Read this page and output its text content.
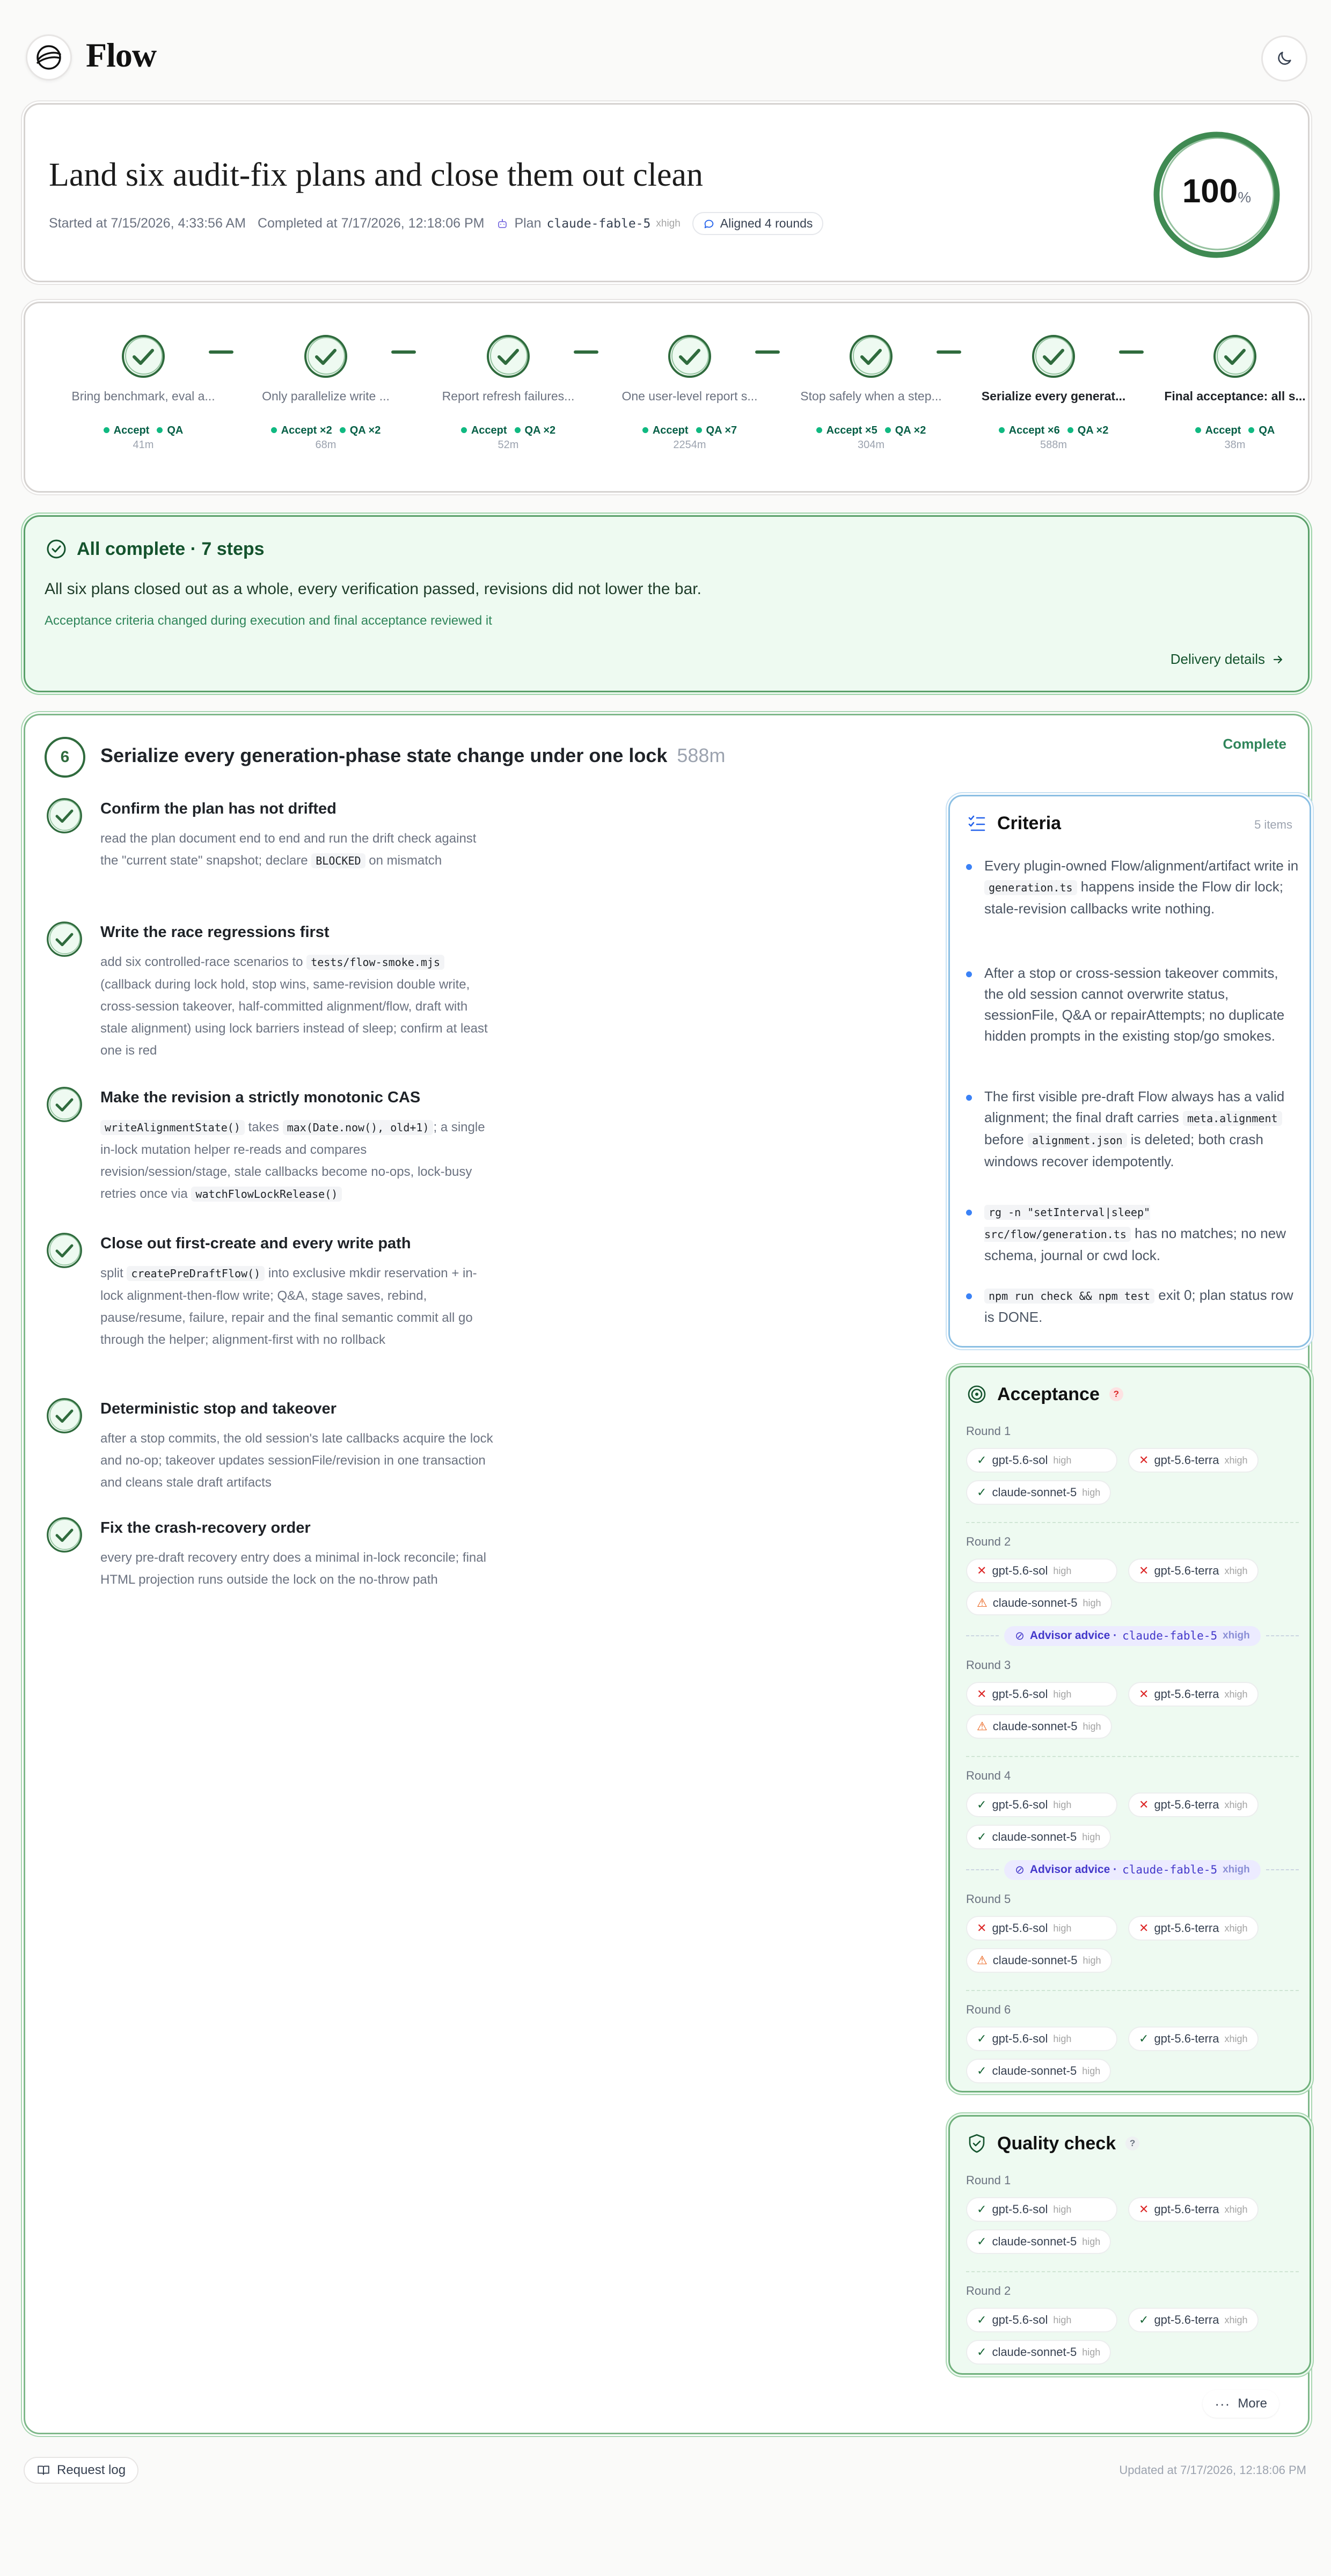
Flow
Land six audit-fix plans and close them out clean
Started at 7/15/2026, 4:33:56 AM Completed at 7/17/2026, 12:18:06 PM Plan claude-fable-5 xhigh	Aligned 4 rounds
100%
Bring benchmark, eval a...
Accept	QA
41m
Only parallelize write ...
Accept ×2	QA ×2
68m
Report refresh failures...
Accept	QA ×2
52m
One user-level report s...
Accept	QA ×7
2254m
Stop safely when a step...
Accept ×5	QA ×2
304m
Serialize every generat...
Accept ×6	QA ×2
588m
Final acceptance: all s...
Accept	QA
38m
All complete · 7 steps
All six plans closed out as a whole, every verification passed, revisions did not lower the bar.
Acceptance criteria changed during execution and final acceptance reviewed it
Delivery details
6	Serialize every generation-phase state change under one lock 588m
Complete
Confirm the plan has not drifted
read the plan document end to end and run the drift check against the "current state" snapshot; declare BLOCKED on mismatch
Write the race regressions first
add six controlled-race scenarios to tests/flow-smoke.mjs (callback during lock hold, stop wins, same-revision double write, cross-session takeover, half-committed alignment/flow, draft with stale alignment) using lock barriers instead of sleep; confirm at least one is red
Make the revision a strictly monotonic CAS
writeAlignmentState() takes max(Date.now(), old+1) ; a single in-lock mutation helper re-reads and compares revision/session/stage, stale callbacks become no-ops, lock-busy retries once via watchFlowLockRelease()
Close out first-create and every write path
split createPreDraftFlow() into exclusive mkdir reservation + in-lock alignment-then-flow write; Q&A, stage saves, rebind, pause/resume, failure, repair and the final semantic commit all go through the helper; alignment-first with no rollback
Deterministic stop and takeover
after a stop commits, the old session's late callbacks acquire the lock and no-op; takeover updates sessionFile/revision in one transaction and cleans stale draft artifacts
Fix the crash-recovery order
every pre-draft recovery entry does a minimal in-lock reconcile; final HTML projection runs outside the lock on the no-throw path
Criteria	5 items
Every plugin-owned Flow/alignment/artifact write in generation.ts happens inside the Flow dir lock; stale-revision callbacks write nothing.
After a stop or cross-session takeover commits, the old session cannot overwrite status, sessionFile, Q&A or repairAttempts; no duplicate hidden prompts in the existing stop/go smokes.
The first visible pre-draft Flow always has a valid alignment; the final draft carries meta.alignment before alignment.json is deleted; both crash windows recover idempotently.
rg -n "setInterval|sleep" src/flow/generation.ts has no matches; no new schema, journal or cwd lock.
npm run check && npm test exit 0; plan status row is DONE.
Acceptance	?
Round 1
✓ gpt-5.6-sol high	✕ gpt-5.6-terra xhigh
✓ claude-sonnet-5 high
Round 2
✕ gpt-5.6-sol high	✕ gpt-5.6-terra xhigh
⚠ claude-sonnet-5 high
⊘ Advisor advice · claude-fable-5 xhigh
Round 3
✕ gpt-5.6-sol high	✕ gpt-5.6-terra xhigh
⚠ claude-sonnet-5 high
Round 4
✓ gpt-5.6-sol high	✕ gpt-5.6-terra xhigh
✓ claude-sonnet-5 high
⊘ Advisor advice · claude-fable-5 xhigh
Round 5
✕ gpt-5.6-sol high	✕ gpt-5.6-terra xhigh
⚠ claude-sonnet-5 high
Round 6
✓ gpt-5.6-sol high	✓ gpt-5.6-terra xhigh
✓ claude-sonnet-5 high
Quality check	?
Round 1
✓ gpt-5.6-sol high	✕ gpt-5.6-terra xhigh
✓ claude-sonnet-5 high
Round 2
✓ gpt-5.6-sol high	✓ gpt-5.6-terra xhigh
✓ claude-sonnet-5 high
··· More
Request log	Updated at 7/17/2026, 12:18:06 PM
